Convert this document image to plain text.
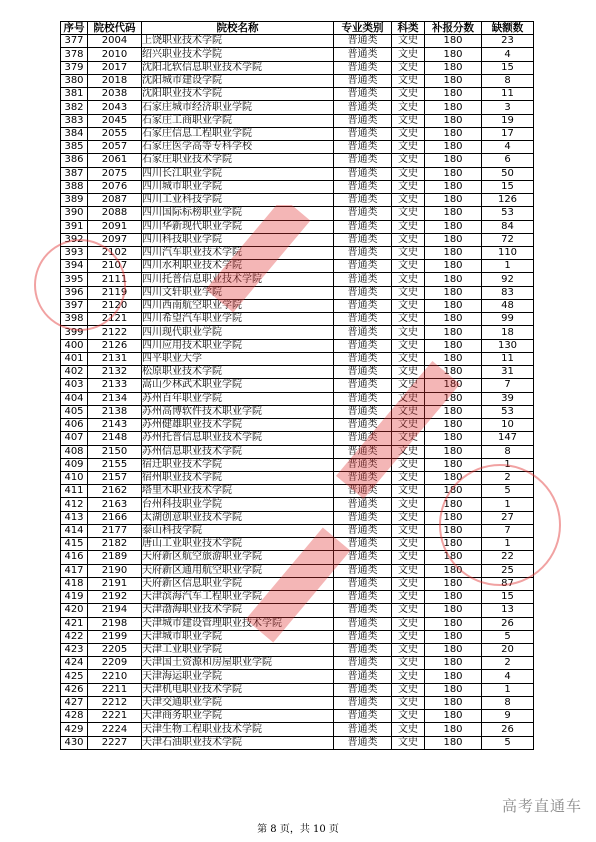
序号	院校代码	院校名称	专业类别	科类	补报分数	缺额数
377	2004	上饶职业技术学院	普通类	文史	180	23
378	2010	绍兴职业技术学院	普通类	文史	180	4
379	2017	沈阳北软信息职业技术学院	普通类	文史	180	15
380	2018	沈阳城市建设学院	普通类	文史	180	8
381	2038	沈阳职业技术学院	普通类	文史	180	11
382	2043	石家庄城市经济职业学院	普通类	文史	180	3
383	2045	石家庄工商职业学院	普通类	文史	180	19
384	2055	石家庄信息工程职业学院	普通类	文史	180	17
385	2057	石家庄医学高等专科学校	普通类	文史	180	4
386	2061	石家庄职业技术学院	普通类	文史	180	6
387	2075	四川长江职业学院	普通类	文史	180	50
388	2076	四川城市职业学院	普通类	文史	180	15
389	2087	四川工业科技学院	普通类	文史	180	126
390	2088	四川国际标榜职业学院	普通类	文史	180	53
391	2091	四川华新现代职业学院	普通类	文史	180	84
392	2097	四川科技职业学院	普通类	文史	180	72
393	2102	四川汽车职业技术学院	普通类	文史	180	110
394	2107	四川水利职业技术学院	普通类	文史	180	1
395	2111	四川托普信息职业技术学院	普通类	文史	180	92
396	2119	四川文轩职业学院	普通类	文史	180	83
397	2120	四川西南航空职业学院	普通类	文史	180	48
398	2121	四川希望汽车职业学院	普通类	文史	180	99
399	2122	四川现代职业学院	普通类	文史	180	18
400	2126	四川应用技术职业学院	普通类	文史	180	130
401	2131	四平职业大学	普通类	文史	180	11
402	2132	松原职业技术学院	普通类	文史	180	31
403	2133	嵩山少林武术职业学院	普通类	文史	180	7
404	2134	苏州百年职业学院	普通类	文史	180	39
405	2138	苏州高博软件技术职业学院	普通类	文史	180	53
406	2143	苏州健雄职业技术学院	普通类	文史	180	10
407	2148	苏州托普信息职业技术学院	普通类	文史	180	147
408	2150	苏州信息职业技术学院	普通类	文史	180	8
409	2155	宿迁职业技术学院	普通类	文史	180	1
410	2157	宿州职业技术学院	普通类	文史	180	2
411	2162	塔里木职业技术学院	普通类	文史	180	5
412	2163	台州科技职业学院	普通类	文史	180	1
413	2166	太湖创意职业技术学院	普通类	文史	180	27
414	2177	泰山科技学院	普通类	文史	180	7
415	2182	唐山工业职业技术学院	普通类	文史	180	1
416	2189	天府新区航空旅游职业学院	普通类	文史	180	22
417	2190	天府新区通用航空职业学院	普通类	文史	180	25
418	2191	天府新区信息职业学院	普通类	文史	180	87
419	2192	天津滨海汽车工程职业学院	普通类	文史	180	15
420	2194	天津渤海职业技术学院	普通类	文史	180	13
421	2198	天津城市建设管理职业技术学院	普通类	文史	180	26
422	2199	天津城市职业学院	普通类	文史	180	5
423	2205	天津工业职业学院	普通类	文史	180	20
424	2209	天津国土资源和房屋职业学院	普通类	文史	180	2
425	2210	天津海运职业学院	普通类	文史	180	4
426	2211	天津机电职业技术学院	普通类	文史	180	1
427	2212	天津交通职业学院	普通类	文史	180	8
428	2221	天津商务职业学院	普通类	文史	180	9
429	2224	天津生物工程职业技术学院	普通类	文史	180	26
430	2227	天津石油职业技术学院	普通类	文史	180	5
高考直通车
第 8 页，共 10 页
